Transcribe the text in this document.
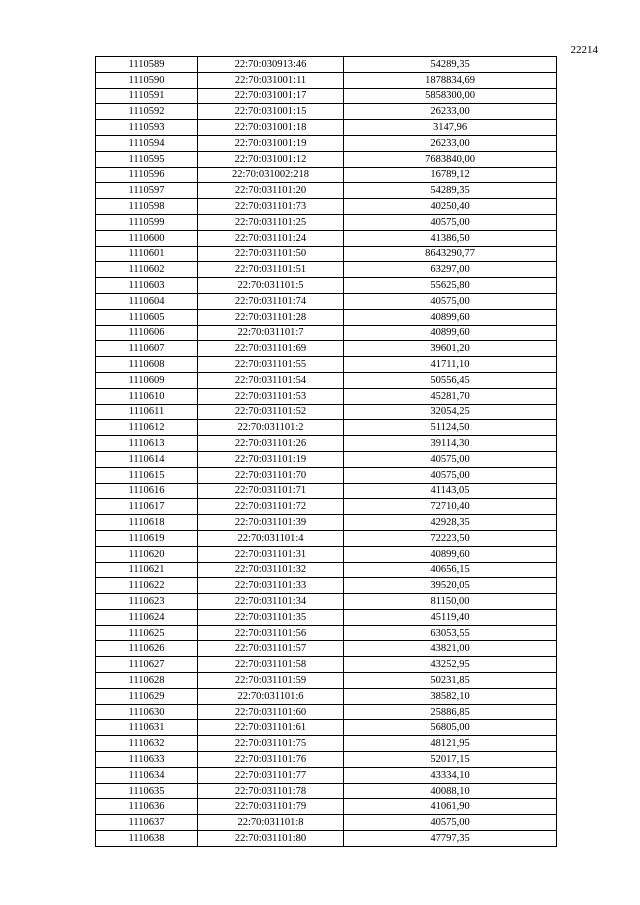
22214
1110589	22:70:030913:46	54289,35
1110590	22:70:031001:11	1878834,69
1110591	22:70:031001:17	5858300,00
1110592	22:70:031001:15	26233,00
1110593	22:70:031001:18	3147,96
1110594	22:70:031001:19	26233,00
1110595	22:70:031001:12	7683840,00
1110596	22:70:031002:218	16789,12
1110597	22:70:031101:20	54289,35
1110598	22:70:031101:73	40250,40
1110599	22:70:031101:25	40575,00
1110600	22:70:031101:24	41386,50
1110601	22:70:031101:50	8643290,77
1110602	22:70:031101:51	63297,00
1110603	22:70:031101:5	55625,80
1110604	22:70:031101:74	40575,00
1110605	22:70:031101:28	40899,60
1110606	22:70:031101:7	40899,60
1110607	22:70:031101:69	39601,20
1110608	22:70:031101:55	41711,10
1110609	22:70:031101:54	50556,45
1110610	22:70:031101:53	45281,70
1110611	22:70:031101:52	32054,25
1110612	22:70:031101:2	51124,50
1110613	22:70:031101:26	39114,30
1110614	22:70:031101:19	40575,00
1110615	22:70:031101:70	40575,00
1110616	22:70:031101:71	41143,05
1110617	22:70:031101:72	72710,40
1110618	22:70:031101:39	42928,35
1110619	22:70:031101:4	72223,50
1110620	22:70:031101:31	40899,60
1110621	22:70:031101:32	40656,15
1110622	22:70:031101:33	39520,05
1110623	22:70:031101:34	81150,00
1110624	22:70:031101:35	45119,40
1110625	22:70:031101:56	63053,55
1110626	22:70:031101:57	43821,00
1110627	22:70:031101:58	43252,95
1110628	22:70:031101:59	50231,85
1110629	22:70:031101:6	38582,10
1110630	22:70:031101:60	25886,85
1110631	22:70:031101:61	56805,00
1110632	22:70:031101:75	48121,95
1110633	22:70:031101:76	52017,15
1110634	22:70:031101:77	43334,10
1110635	22:70:031101:78	40088,10
1110636	22:70:031101:79	41061,90
1110637	22:70:031101:8	40575,00
1110638	22:70:031101:80	47797,35
